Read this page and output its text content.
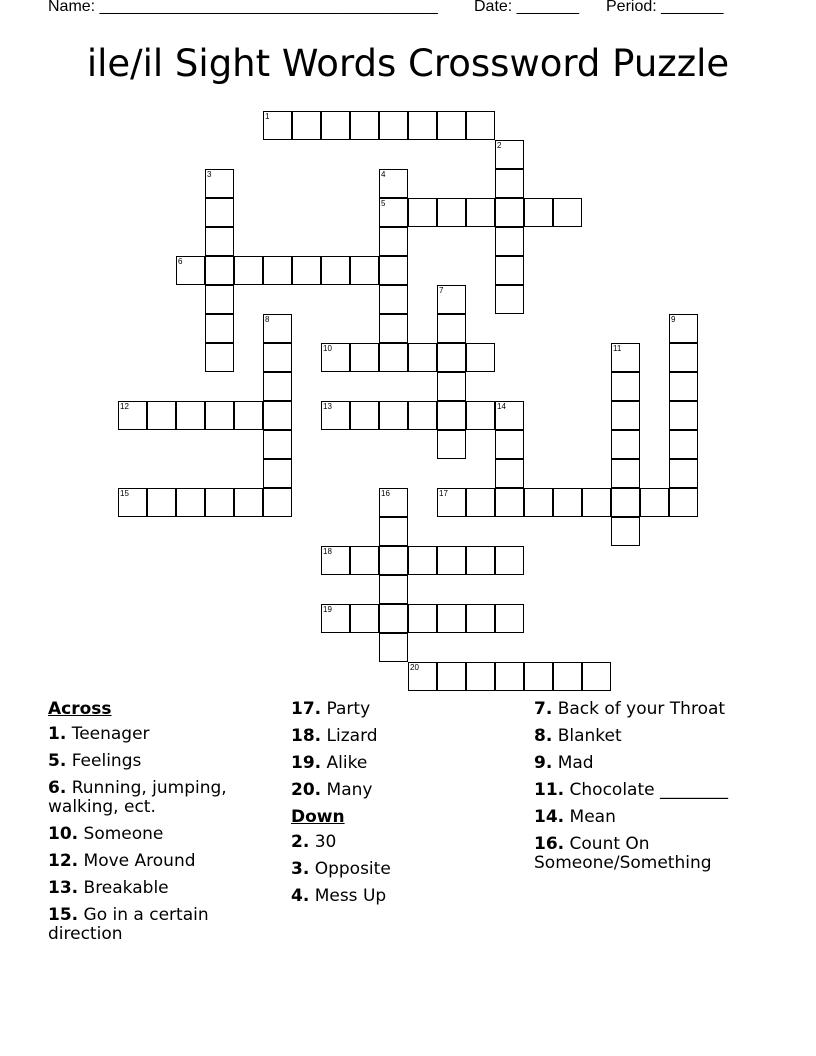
Name: ______________________________________ Date: _______ Period: _______
ile/il Sight Words Crossword Puzzle
1
2
3	4
5
6
7
8	9
10	11
12	13	14
15	16	17
18
19
20
Across
1. Teenager
5. Feelings
6. Running, jumping, walking, ect.
10. Someone
12. Move Around
13. Breakable
15. Go in a certain direction
17. Party
18. Lizard
19. Alike
20. Many
Down
2. 30
3. Opposite
4. Mess Up
7. Back of your Throat
8. Blanket
9. Mad
11. Chocolate ________
14. Mean
16. Count On Someone/Something
